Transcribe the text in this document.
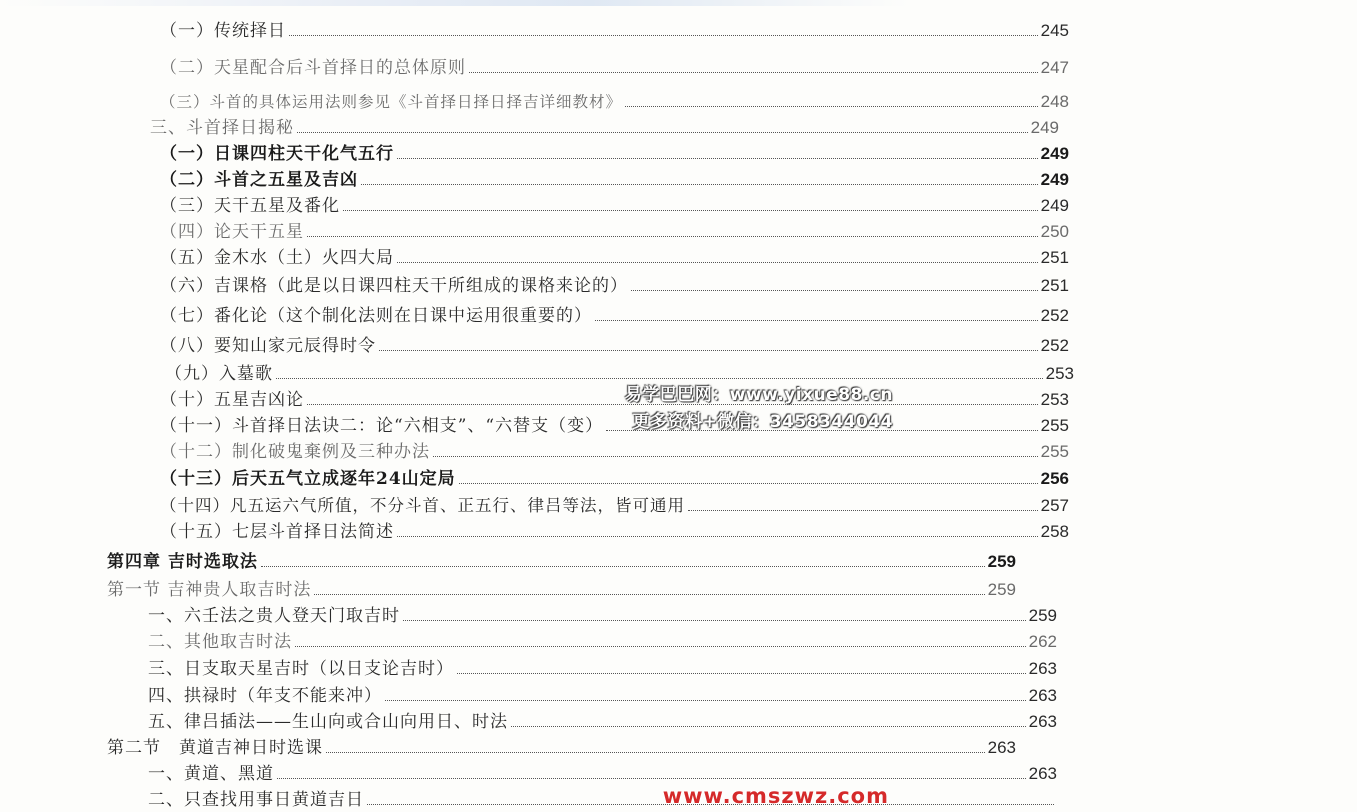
（一）传统择日	245
（二）天星配合后斗首择日的总体原则	247
（三）斗首的具体运用法则参见《斗首择日择日择吉详细教材》	248
三、斗首择日揭秘	249
（一）日课四柱天干化气五行	249
（二）斗首之五星及吉凶	249
（三）天干五星及番化	249
（四）论天干五星	250
（五）金木水（土）火四大局	251
（六）吉课格（此是以日课四柱天干所组成的课格来论的）	251
（七）番化论（这个制化法则在日课中运用很重要的）	252
（八）要知山家元辰得时令	252
（九）入墓歌	253
（十）五星吉凶论	253
（十一）斗首择日法诀二：论“六相支”、“六替支（变）	255
（十二）制化破鬼棄例及三种办法	255
（十三）后天五气立成逐年24山定局	256
（十四）凡五运六气所值，不分斗首、正五行、律吕等法，皆可通用	257
（十五）七层斗首择日法简述	258
第四章 吉时选取法	259
第一节 吉神贵人取吉时法	259
一、六壬法之贵人登天门取吉时	259
二、其他取吉时法	262
三、日支取天星吉时（以日支论吉时）	263
四、拱禄时（年支不能来冲）	263
五、律吕插法——生山向或合山向用日、时法	263
第二节　黄道吉神日时选课	263
一、黄道、黑道	263
二、只查找用事日黄道吉日
易学巴巴网：www.yixue88.cn
更多资料+微信：3458344044
www.cmszwz.com
